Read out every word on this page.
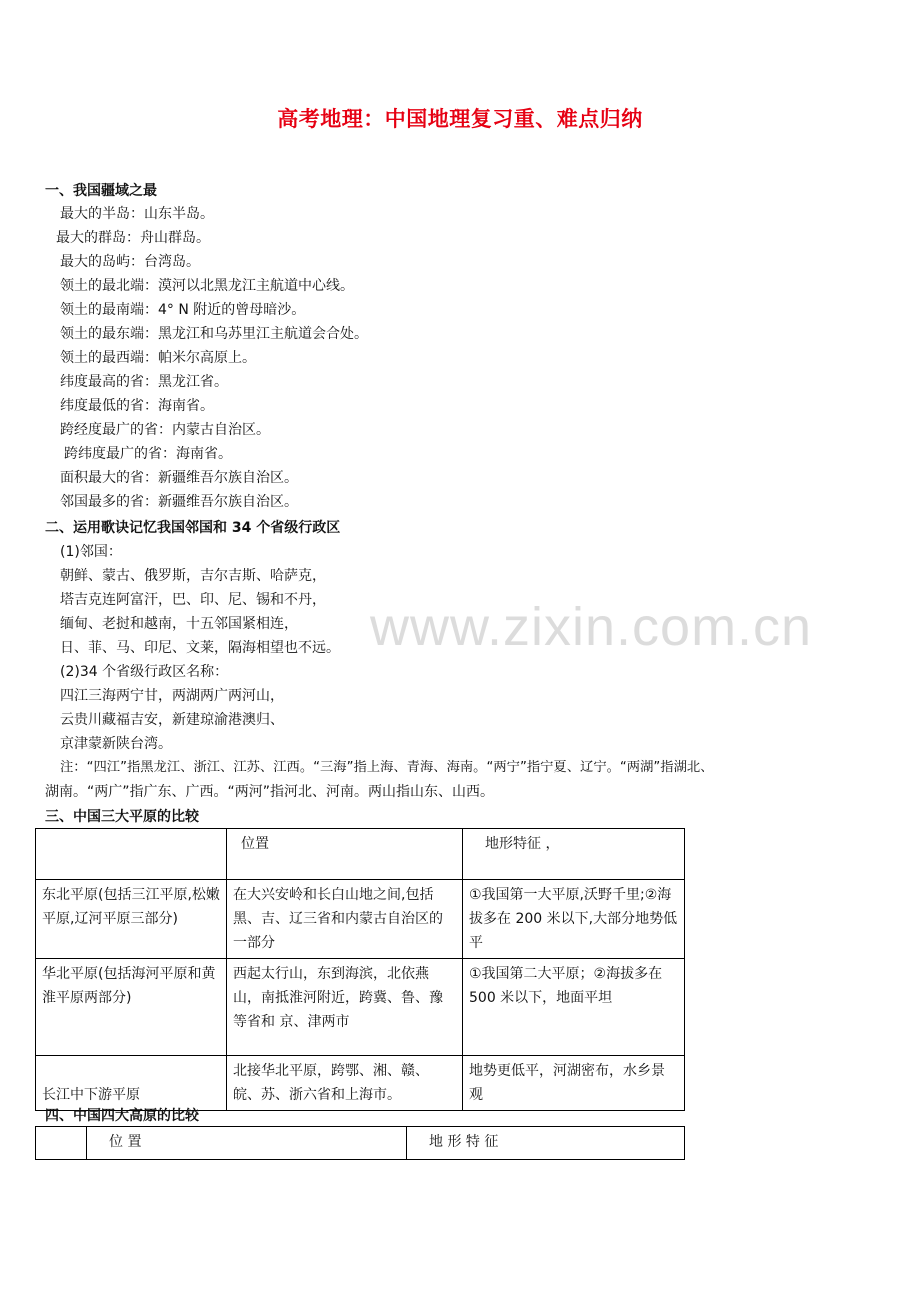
高考地理：中国地理复习重、难点归纳
www.zixin.com.cn
一、我国疆域之最
最大的半岛：山东半岛。
最大的群岛：舟山群岛。
最大的岛屿：台湾岛。
领土的最北端：漠河以北黑龙江主航道中心线。
领土的最南端：4° N 附近的曾母暗沙。
领土的最东端：黑龙江和乌苏里江主航道会合处。
领土的最西端：帕米尔高原上。
纬度最高的省：黑龙江省。
纬度最低的省：海南省。
跨经度最广的省：内蒙古自治区。
跨纬度最广的省：海南省。
面积最大的省：新疆维吾尔族自治区。
邻国最多的省：新疆维吾尔族自治区。
二、运用歌诀记忆我国邻国和 34 个省级行政区
(1)邻国：
朝鲜、蒙古、俄罗斯，吉尔吉斯、哈萨克，
塔吉克连阿富汗，巴、印、尼、锡和不丹，
缅甸、老挝和越南，十五邻国紧相连，
日、菲、马、印尼、文莱，隔海相望也不远。
(2)34 个省级行政区名称：
四江三海两宁甘，两湖两广两河山，
云贵川藏福吉安，新建琼渝港澳归、
京津蒙新陕台湾。
注：“四江”指黑龙江、浙江、江苏、江西。“三海”指上海、青海、海南。“两宁”指宁夏、辽宁。“两湖”指湖北、
湖南。“两广”指广东、广西。“两河”指河北、河南。两山指山东、山西。
三、中国三大平原的比较
	位置	地形特征 ，
东北平原(包括三江平原,松嫩平原,辽河平原三部分)	在大兴安岭和长白山地之间,包括黑、吉、辽三省和内蒙古自治区的一部分	①我国第一大平原,沃野千里;②海拔多在 200 米以下,大部分地势低平
华北平原(包括海河平原和黄淮平原两部分)	西起太行山，东到海滨，北依燕山，南抵淮河附近，跨冀、鲁、豫等省和 京、津两市	①我国第二大平原；②海拔多在 500 米以下，地面平坦
长江中下游平原	北接华北平原，跨鄂、湘、赣、皖、苏、浙六省和上海市。	地势更低平，河湖密布，水乡景观
四、中国四大高原的比较
	位 置	地 形 特 征
